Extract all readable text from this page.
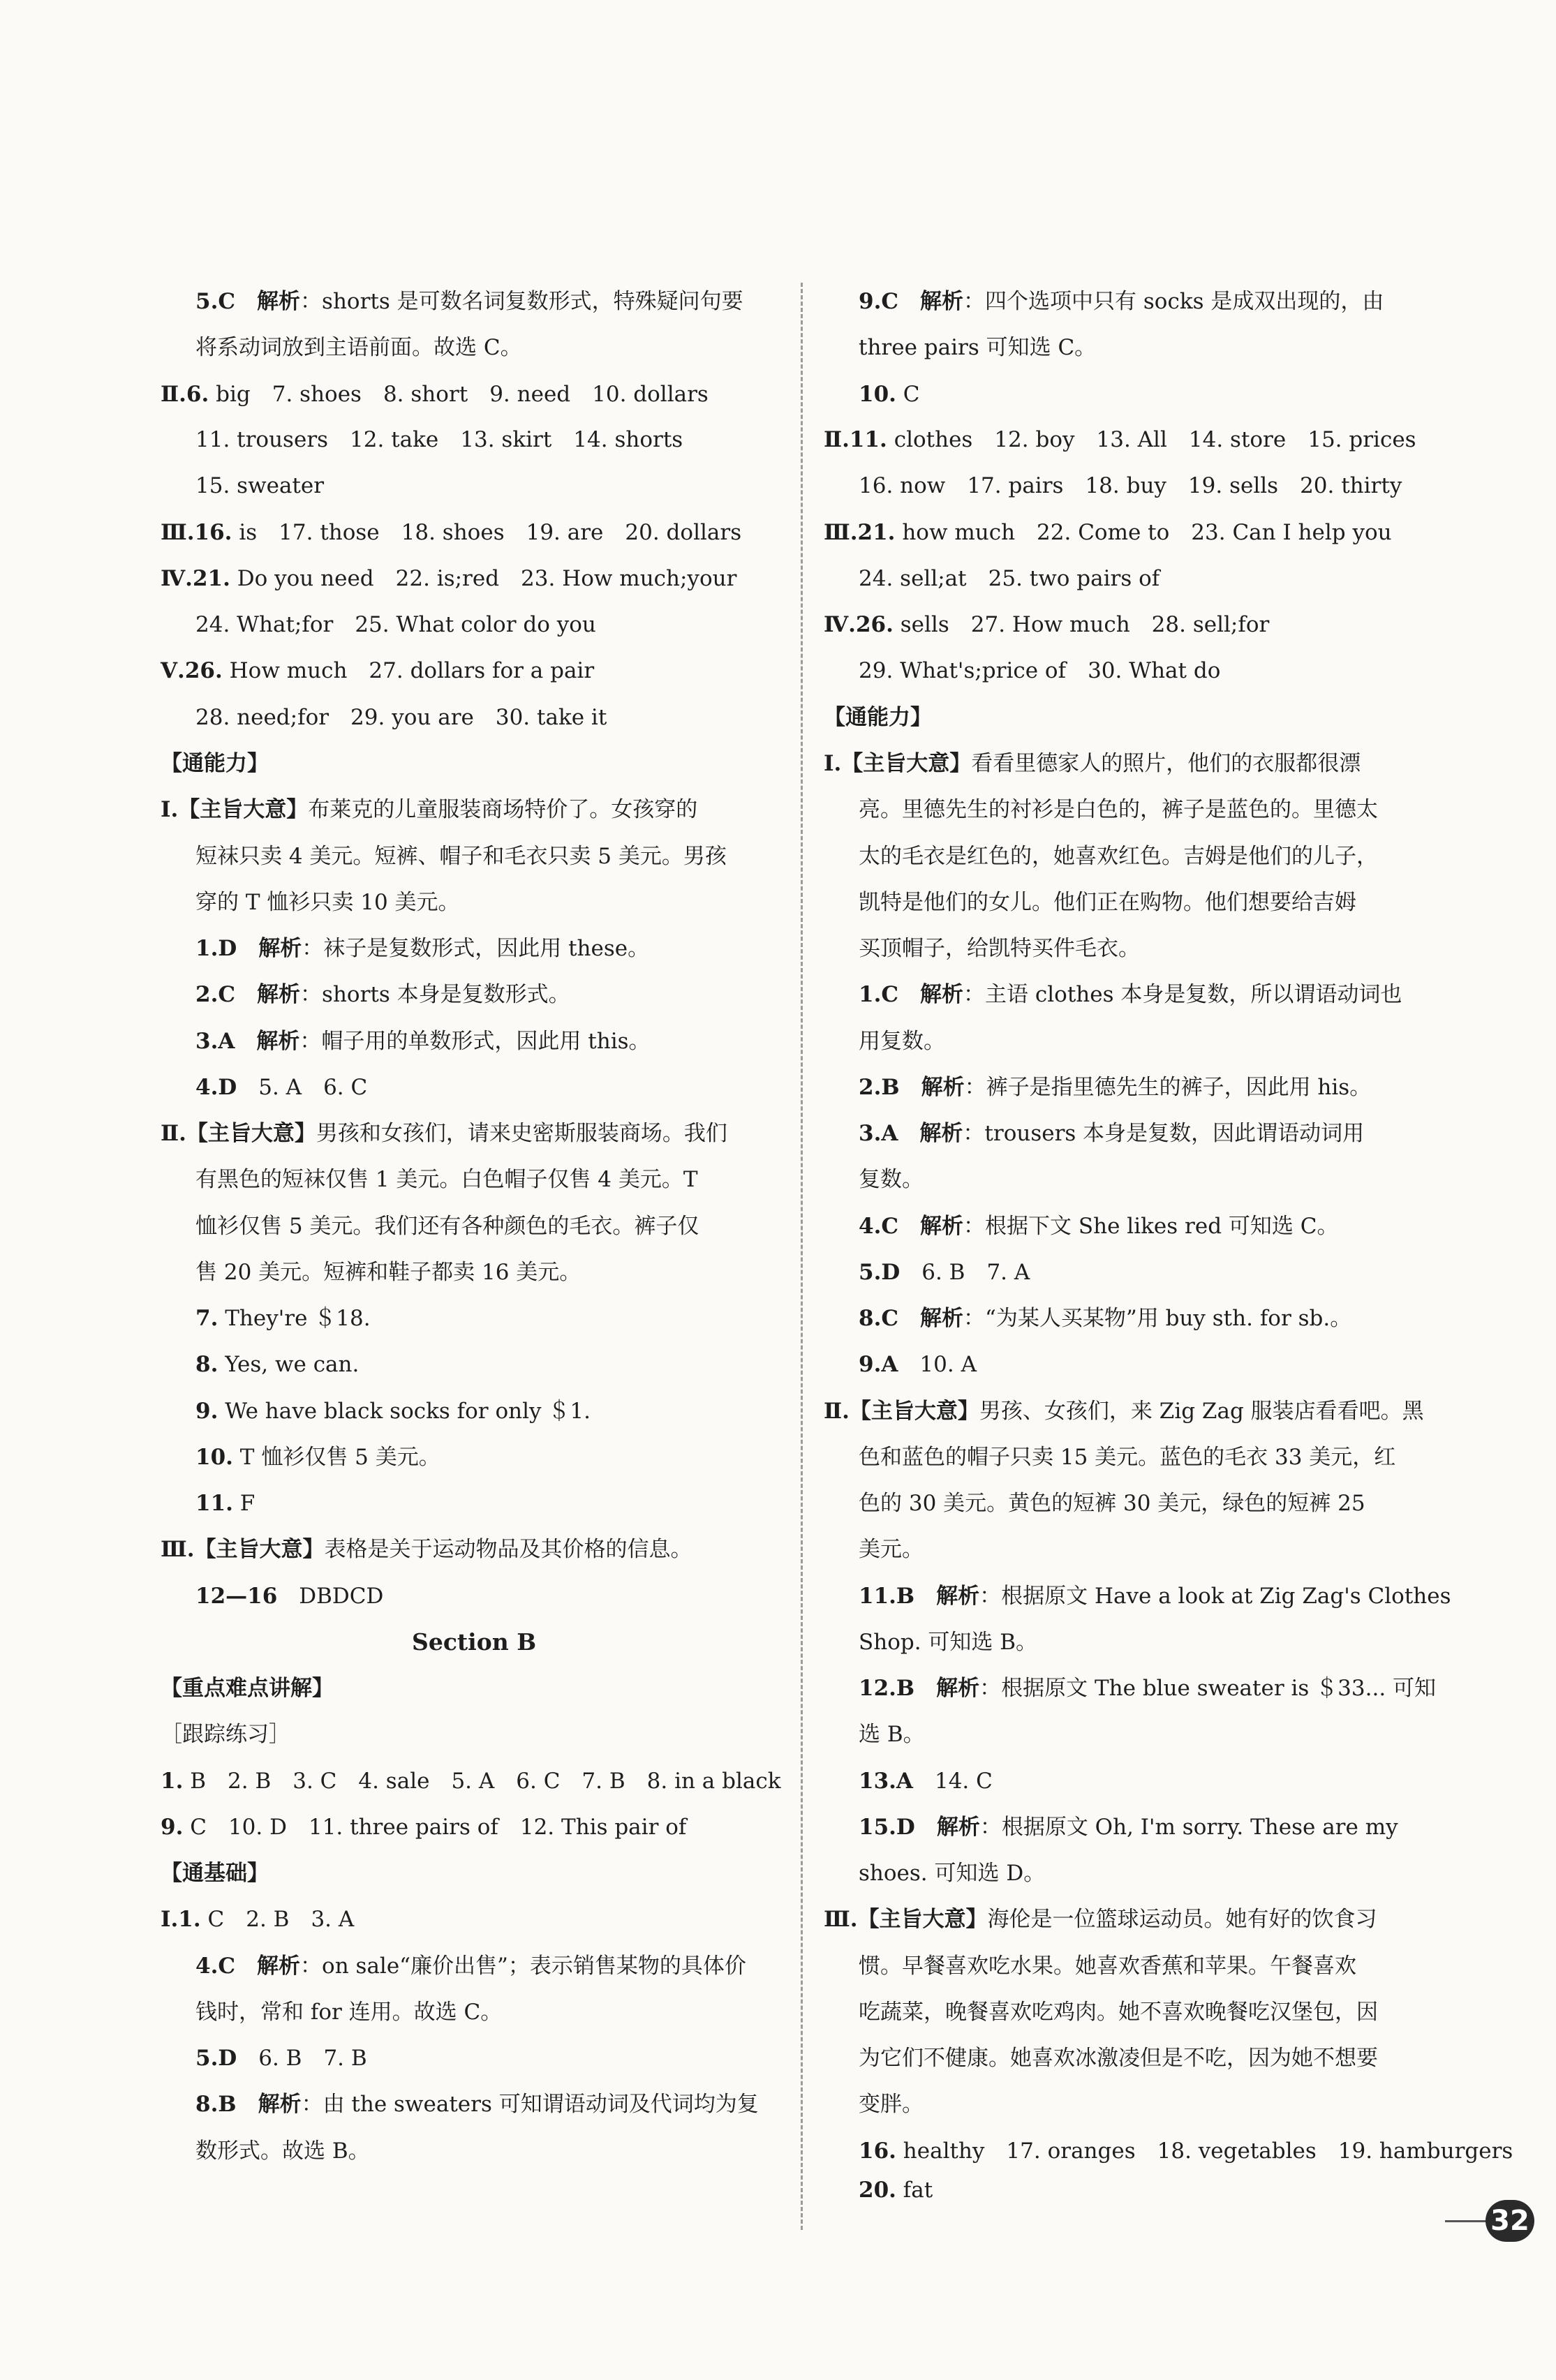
5.C　 解析：shorts 是可数名词复数形式，特殊疑问句要
将系动词放到主语前面。故选 C。
Ⅱ.6. big　7. shoes　8. short　9. need　10. dollars
11. trousers　12. take　13. skirt　14. shorts
15. sweater
Ⅲ.16. is　17. those　18. shoes　19. are　20. dollars
Ⅳ.21. Do you need　22. is;red　23. How much;your
24. What;for　25. What color do you
Ⅴ.26. How much　27. dollars for a pair
28. need;for　29. you are　30. take it
【通能力】
Ⅰ.【主旨大意】布莱克的儿童服装商场特价了。女孩穿的
短袜只卖 4 美元。短裤、帽子和毛衣只卖 5 美元。男孩
穿的 T 恤衫只卖 10 美元。
1.D　 解析：袜子是复数形式，因此用 these。
2.C　 解析：shorts 本身是复数形式。
3.A　 解析：帽子用的单数形式，因此用 this。
4.D　5. A　6. C
Ⅱ.【主旨大意】男孩和女孩们，请来史密斯服装商场。我们
有黑色的短袜仅售 1 美元。白色帽子仅售 4 美元。T
恤衫仅售 5 美元。我们还有各种颜色的毛衣。裤子仅
售 20 美元。短裤和鞋子都卖 16 美元。
7. They're ＄18.
8. Yes, we can.
9. We have black socks for only ＄1.
10. T 恤衫仅售 5 美元。
11. F
Ⅲ.【主旨大意】表格是关于运动物品及其价格的信息。
12—16　DBDCD
Section B
【重点难点讲解】
［跟踪练习］
1. B　2. B　3. C　4. sale　5. A　6. C　7. B　8. in a black
9. C　10. D　11. three pairs of　12. This pair of
【通基础】
Ⅰ.1. C　2. B　3. A
4.C　 解析：on sale“廉价出售”；表示销售某物的具体价
钱时，常和 for 连用。故选 C。
5.D　6. B　7. B
8.B　 解析：由 the sweaters 可知谓语动词及代词均为复
数形式。故选 B。
9.C　 解析：四个选项中只有 socks 是成双出现的，由
three pairs 可知选 C。
10. C
Ⅱ.11. clothes　12. boy　13. All　14. store　15. prices
16. now　17. pairs　18. buy　19. sells　20. thirty
Ⅲ.21. how much　22. Come to　23. Can I help you
24. sell;at　25. two pairs of
Ⅳ.26. sells　27. How much　28. sell;for
29. What's;price of　30. What do
【通能力】
Ⅰ.【主旨大意】看看里德家人的照片，他们的衣服都很漂
亮。里德先生的衬衫是白色的，裤子是蓝色的。里德太
太的毛衣是红色的，她喜欢红色。吉姆是他们的儿子，
凯特是他们的女儿。他们正在购物。他们想要给吉姆
买顶帽子，给凯特买件毛衣。
1.C　 解析：主语 clothes 本身是复数，所以谓语动词也
用复数。
2.B　 解析：裤子是指里德先生的裤子，因此用 his。
3.A　 解析：trousers 本身是复数，因此谓语动词用
复数。
4.C　 解析：根据下文 She likes red 可知选 C。
5.D　6. B　7. A
8.C　 解析：“为某人买某物”用 buy sth. for sb.。
9.A　10. A
Ⅱ.【主旨大意】男孩、女孩们，来 Zig Zag 服装店看看吧。黑
色和蓝色的帽子只卖 15 美元。蓝色的毛衣 33 美元，红
色的 30 美元。黄色的短裤 30 美元，绿色的短裤 25
美元。
11.B　 解析：根据原文 Have a look at Zig Zag's Clothes
Shop. 可知选 B。
12.B　 解析：根据原文 The blue sweater is ＄33... 可知
选 B。
13.A　14. C
15.D　 解析：根据原文 Oh, I'm sorry. These are my
shoes. 可知选 D。
Ⅲ.【主旨大意】海伦是一位篮球运动员。她有好的饮食习
惯。早餐喜欢吃水果。她喜欢香蕉和苹果。午餐喜欢
吃蔬菜，晚餐喜欢吃鸡肉。她不喜欢晚餐吃汉堡包，因
为它们不健康。她喜欢冰激凌但是不吃，因为她不想要
变胖。
16. healthy　17. oranges　18. vegetables　19. hamburgers
20. fat
32
